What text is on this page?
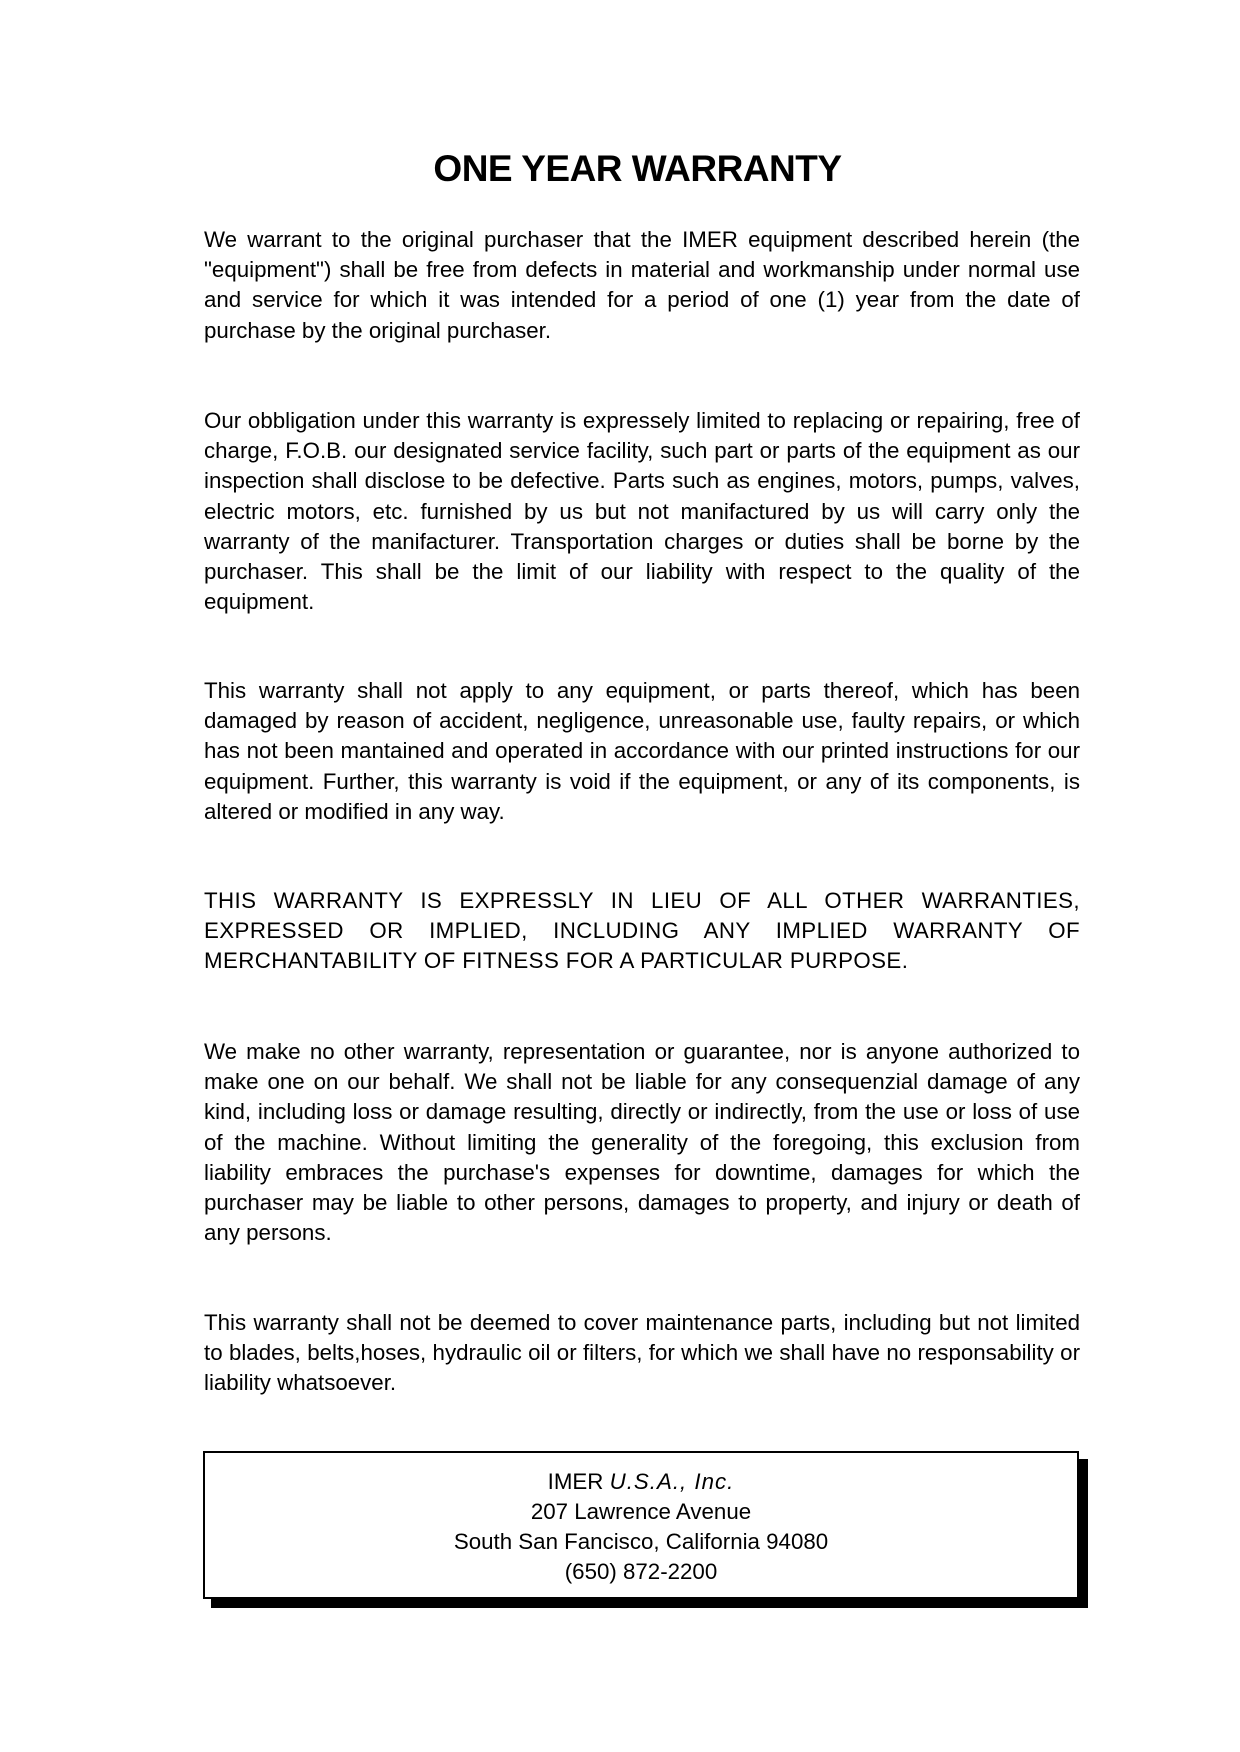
ONE YEAR WARRANTY

We warrant to the original purchaser that the IMER equipment described herein (the "equipment") shall be free from defects in material and workmanship under normal use and service for which it was intended for a period of one (1) year from the date of purchase by the original purchaser.

Our obbligation under this warranty is expressely limited to replacing or repairing, free of charge, F.O.B. our designated service facility, such part or parts of the equipment as our inspection shall disclose to be defective. Parts such as engines, motors, pumps, valves, electric motors, etc. furnished by us but not manifactured by us will carry only the warranty of the manifacturer. Transportation charges or duties shall be borne by the purchaser. This shall be the limit of our liability with respect to the quality of the equipment.

This warranty shall not apply to any equipment, or parts thereof, which has been damaged by reason of accident, negligence, unreasonable use, faulty repairs, or which has not been mantained and operated in accordance with our printed instructions for our equipment. Further, this warranty is void if the equipment, or any of its components, is altered or modified in any way.

THIS WARRANTY IS EXPRESSLY IN LIEU OF ALL OTHER WARRANTIES, EXPRESSED OR IMPLIED, INCLUDING ANY IMPLIED WARRANTY OF MERCHANTABILITY OF FITNESS FOR A PARTICULAR PURPOSE.

We make no other warranty, representation or guarantee, nor is anyone authorized to make one on our behalf. We shall not be liable for any consequenzial damage of any kind, including loss or damage resulting, directly or indirectly, from the use or loss of use of the machine. Without limiting the generality of the foregoing, this exclusion from liability embraces the purchase's expenses for downtime, damages for which the purchaser may be liable to other persons, damages to property, and injury or death of any persons.

This warranty shall not be deemed to cover maintenance parts, including but not limited to blades, belts,hoses, hydraulic oil or filters, for which we shall have no responsability or liability whatsoever.

IMER U.S.A., Inc.
207 Lawrence Avenue
South San Fancisco, California 94080
(650) 872-2200
